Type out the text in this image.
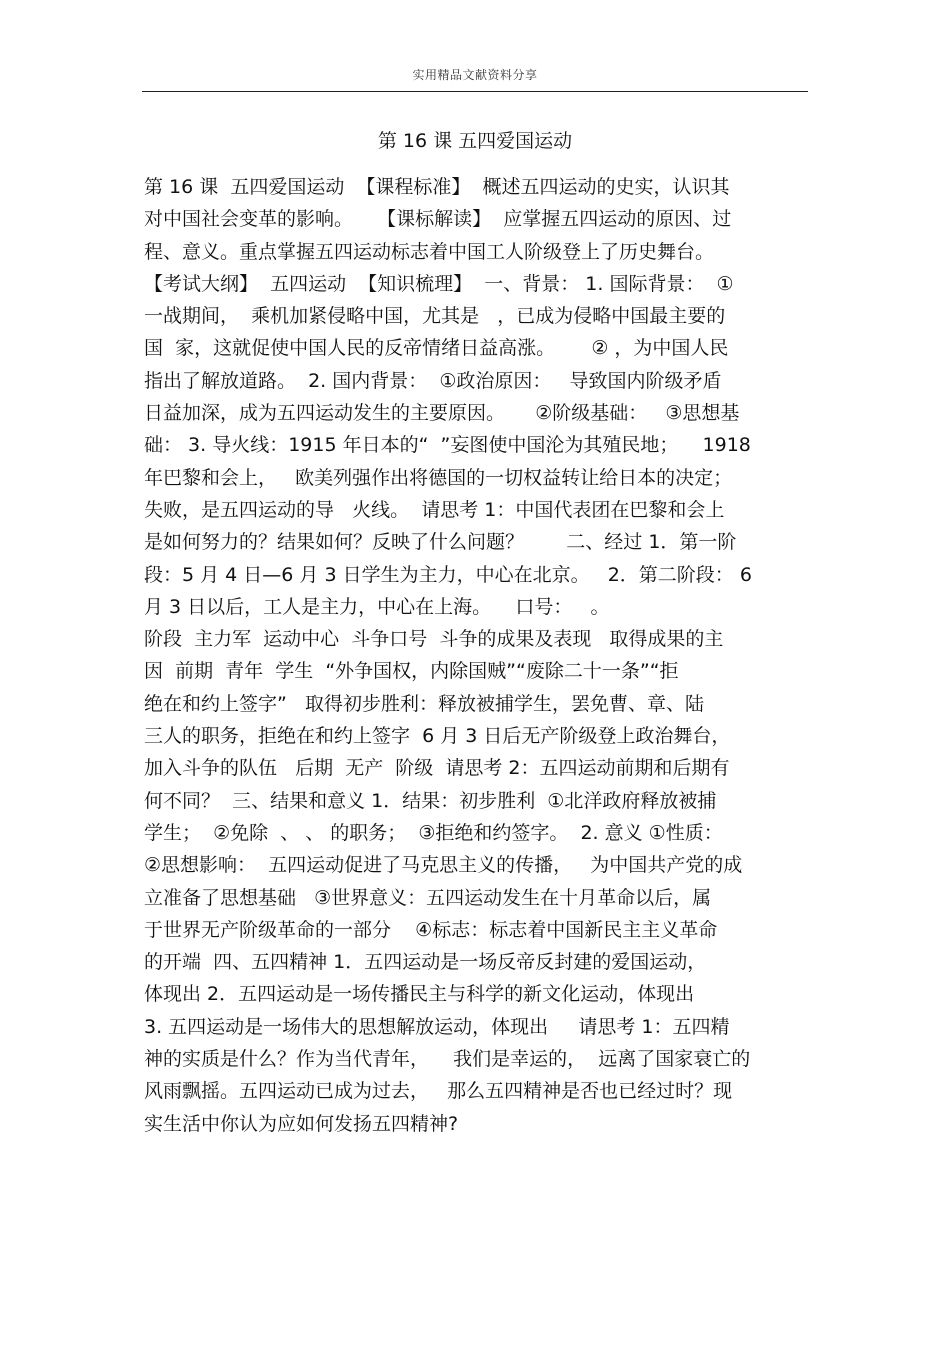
实用精品文献资料分享
第 16 课 五四爱国运动
第 16 课  五四爱国运动  【课程标准】  概述五四运动的史实，认识其
对中国社会变革的影响。    【课标解读】  应掌握五四运动的原因、过
程、意义。重点掌握五四运动标志着中国工人阶级登上了历史舞台。
【考试大纲】  五四运动  【知识梳理】  一、背景： 1. 国际背景：  ①
一战期间，  乘机加紧侵略中国，尤其是   ，已成为侵略中国最主要的
国  家，这就促使中国人民的反帝情绪日益高涨。      ② ，为中国人民
指出了解放道路。  2. 国内背景：  ①政治原因：   导致国内阶级矛盾
日益加深，成为五四运动发生的主要原因。     ②阶级基础：   ③思想基
础： 3. 导火线：1915 年日本的“  ”妄图使中国沦为其殖民地；    1918
年巴黎和会上，   欧美列强作出将德国的一切权益转让给日本的决定；
失败，是五四运动的导   火线。  请思考 1：中国代表团在巴黎和会上
是如何努力的？结果如何？反映了什么问题？       二、经过 1．第一阶
段：5 月 4 日—6 月 3 日学生为主力，中心在北京。   2．第二阶段： 6
月 3 日以后，工人是主力，中心在上海。    口号：   。
阶段  主力军  运动中心  斗争口号  斗争的成果及表现   取得成果的主
因  前期  青年  学生  “外争国权，内除国贼”“废除二十一条”“拒
绝在和约上签字”   取得初步胜利：释放被捕学生，罢免曹、章、陆
三人的职务，拒绝在和约上签字  6 月 3 日后无产阶级登上政治舞台，
加入斗争的队伍   后期  无产  阶级  请思考 2：五四运动前期和后期有
何不同？  三、结果和意义 1．结果：初步胜利  ①北洋政府释放被捕
学生；  ②免除  、 、 的职务；  ③拒绝和约签字。  2. 意义 ①性质：
②思想影响：  五四运动促进了马克思主义的传播，   为中国共产党的成
立准备了思想基础   ③世界意义：五四运动发生在十月革命以后，属
于世界无产阶级革命的一部分    ④标志：标志着中国新民主主义革命
的开端  四、五四精神 1．五四运动是一场反帝反封建的爱国运动，
体现出 2．五四运动是一场传播民主与科学的新文化运动，体现出
3. 五四运动是一场伟大的思想解放运动，体现出     请思考 1：五四精
神的实质是什么？作为当代青年，    我们是幸运的，  远离了国家衰亡的
风雨飘摇。五四运动已成为过去，   那么五四精神是否也已经过时？现
实生活中你认为应如何发扬五四精神?
